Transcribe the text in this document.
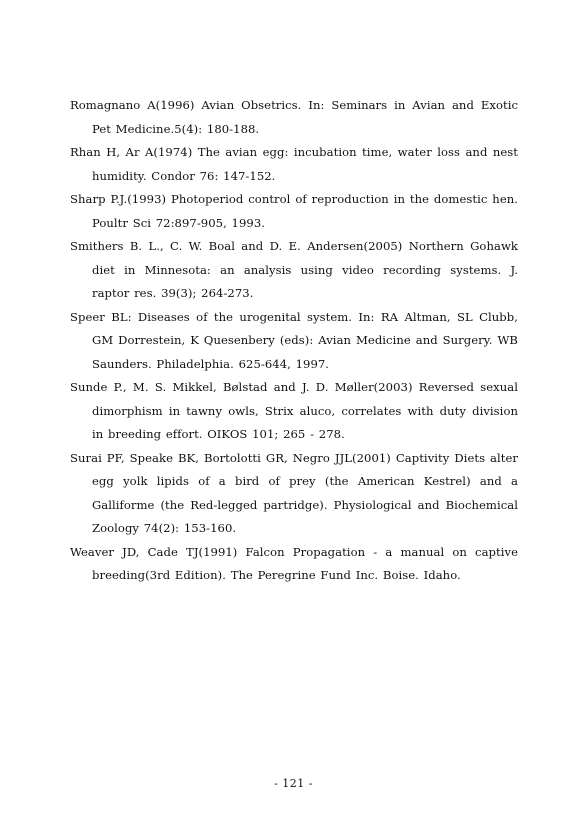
Romagnano A(1996) Avian Obsetrics. In: Seminars in Avian and Exotic Pet Medicine.5(4): 180-188.

Rhan H, Ar A(1974) The avian egg: incubation time, water loss and nest humidity. Condor 76: 147-152.

Sharp P.J.(1993) Photoperiod control of reproduction in the domestic hen. Poultr Sci 72:897-905, 1993.

Smithers B. L., C. W. Boal and D. E. Andersen(2005) Northern Gohawk diet in Minnesota: an analysis using video recording systems. J. raptor res. 39(3); 264-273.

Speer BL: Diseases of the urogenital system. In: RA Altman, SL Clubb, GM Dorrestein, K Quesenbery (eds): Avian Medicine and Surgery. WB Saunders. Philadelphia. 625-644, 1997.

Sunde P., M. S. Mikkel, Bølstad and J. D. Møller(2003) Reversed sexual dimorphism in tawny owls, Strix aluco, correlates with duty division in breeding effort. OIKOS 101; 265 - 278.

Surai PF, Speake BK, Bortolotti GR, Negro JJL(2001) Captivity Diets alter egg yolk lipids of a bird of prey (the American Kestrel) and a Galliforme (the Red-legged partridge). Physiological and Biochemical Zoology 74(2): 153-160.

Weaver JD, Cade TJ(1991) Falcon Propagation - a manual on captive breeding(3rd Edition). The Peregrine Fund Inc. Boise. Idaho.

- 121 -
